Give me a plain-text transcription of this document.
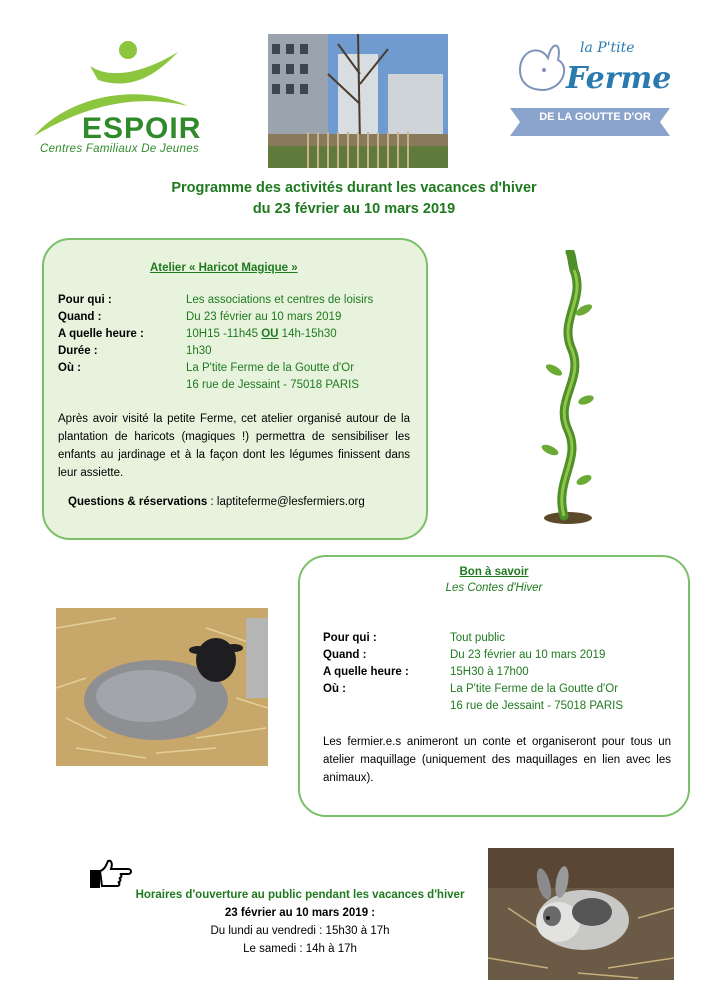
ESPOIR
Centres Familiaux De Jeunes
la P'tite
Ferme
DE LA GOUTTE D'OR
Programme des activités durant les vacances d'hiver
du 23 février au 10 mars 2019
Atelier « Haricot Magique »
Pour qui :	Les associations et centres de loisirs
Quand :	Du 23 février au 10 mars 2019
A quelle heure :	10H15 -11h45 OU 14h-15h30
Durée :	1h30
Où :	La P'tite Ferme de la Goutte d'Or
16 rue de Jessaint - 75018 PARIS
Après avoir visité la petite Ferme, cet atelier organisé autour de la plantation de haricots (magiques !) permettra de sensibiliser les enfants au jardinage et à la façon dont les légumes finissent dans leur assiette.
Questions & réservations : laptiteferme@lesfermiers.org
Bon à savoir
Les Contes d'Hiver
Pour qui :	Tout public
Quand :	Du 23 février au 10 mars 2019
A quelle heure :	15H30 à 17h00
Où :	La P'tite Ferme de la Goutte d'Or
16 rue de Jessaint - 75018 PARIS
Les fermier.e.s animeront un conte et organiseront pour tous un atelier maquillage (uniquement des maquillages en lien avec les animaux).
Horaires d'ouverture au public pendant les vacances d'hiver
23 février au 10 mars 2019 :
Du lundi au vendredi : 15h30 à 17h
Le samedi : 14h à 17h
